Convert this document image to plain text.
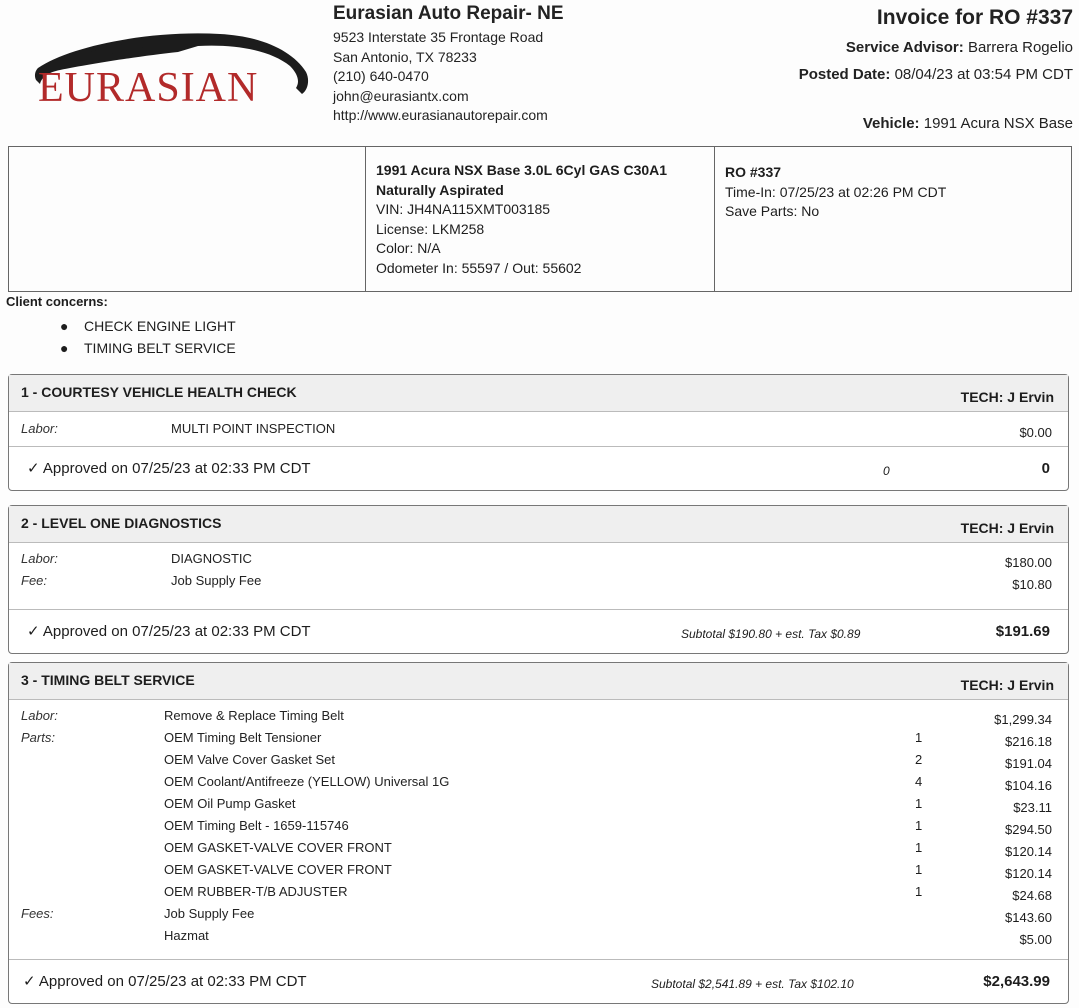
EURASIAN
Eurasian Auto Repair- NE
9523 Interstate 35 Frontage Road
San Antonio, TX 78233
(210) 640-0470
john@eurasiantx.com
http://www.eurasianautorepair.com
Invoice for RO #337
Service Advisor: Barrera Rogelio
Posted Date: 08/04/23 at 03:54 PM CDT
Vehicle: 1991 Acura NSX Base
1991 Acura NSX Base 3.0L 6Cyl GAS C30A1
Naturally Aspirated
VIN: JH4NA115XMT003185
License: LKM258
Color: N/A
Odometer In: 55597 / Out: 55602
RO #337
Time-In: 07/25/23 at 02:26 PM CDT
Save Parts: No
Client concerns:
● CHECK ENGINE LIGHT
● TIMING BELT SERVICE
1 - COURTESY VEHICLE HEALTH CHECK	TECH: J Ervin
Labor:	MULTI POINT INSPECTION	$0.00
✓ Approved on 07/25/23 at 02:33 PM CDT	0	0
2 - LEVEL ONE DIAGNOSTICS	TECH: J Ervin
Labor:	DIAGNOSTIC	$180.00
Fee:	Job Supply Fee	$10.80
✓ Approved on 07/25/23 at 02:33 PM CDT	Subtotal $190.80 + est. Tax $0.89	$191.69
3 - TIMING BELT SERVICE	TECH: J Ervin
Labor:	Remove & Replace Timing Belt	$1,299.34
Parts:	OEM Timing Belt Tensioner	1	$216.18
OEM Valve Cover Gasket Set	2	$191.04
OEM Coolant/Antifreeze (YELLOW) Universal 1G	4	$104.16
OEM Oil Pump Gasket	1	$23.11
OEM Timing Belt - 1659-115746	1	$294.50
OEM GASKET-VALVE COVER FRONT	1	$120.14
OEM GASKET-VALVE COVER FRONT	1	$120.14
OEM RUBBER-T/B ADJUSTER	1	$24.68
Fees:	Job Supply Fee	$143.60
Hazmat	$5.00
✓ Approved on 07/25/23 at 02:33 PM CDT	Subtotal $2,541.89 + est. Tax $102.10	$2,643.99
